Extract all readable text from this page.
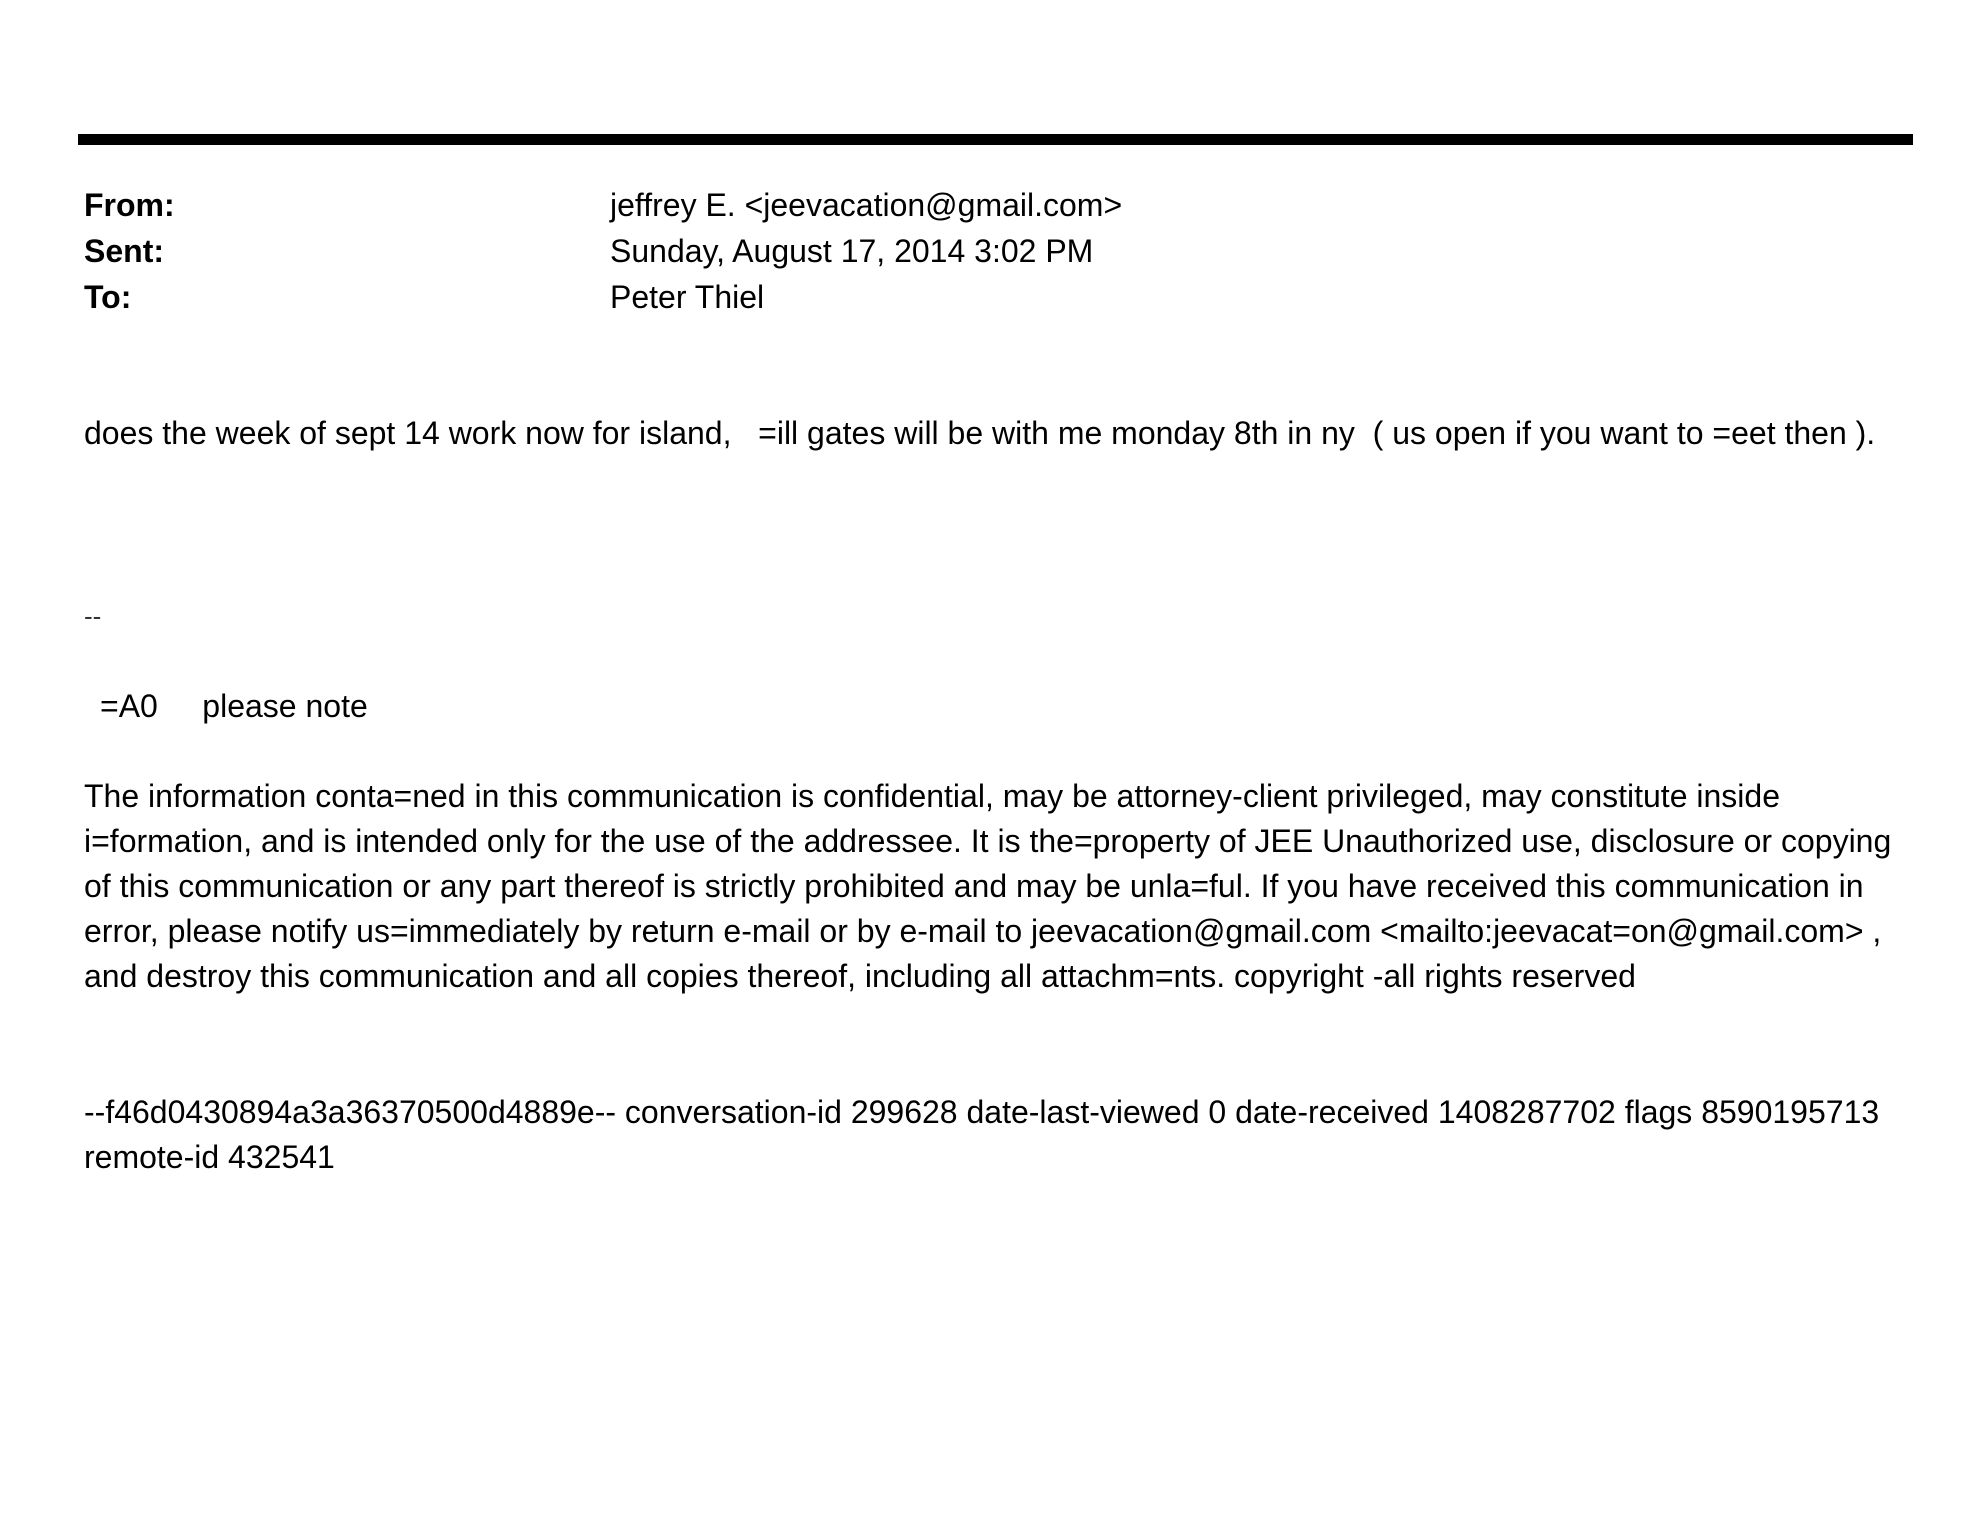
From:	jeffrey E. <jeevacation@gmail.com>
Sent:	Sunday, August 17, 2014 3:02 PM
To:	Peter Thiel
does the week of sept 14 work now for island,   =ill gates will be with me monday 8th in ny  ( us open if you want to =eet then ).
--
=A0     please note
The information conta=ned in this communication is confidential, may be attorney-client privileged, may constitute inside i=formation, and is intended only for the use of the addressee. It is the=property of JEE Unauthorized use, disclosure or copying of this communication or any part thereof is strictly prohibited and may be unla=ful. If you have received this communication in error, please notify us=immediately by return e-mail or by e-mail to jeevacation@gmail.com <mailto:jeevacat=on@gmail.com> , and destroy this communication and all copies thereof, including all attachm=nts. copyright -all rights reserved
--f46d0430894a3a36370500d4889e-- conversation-id 299628 date-last-viewed 0 date-received 1408287702 flags 8590195713 remote-id 432541
